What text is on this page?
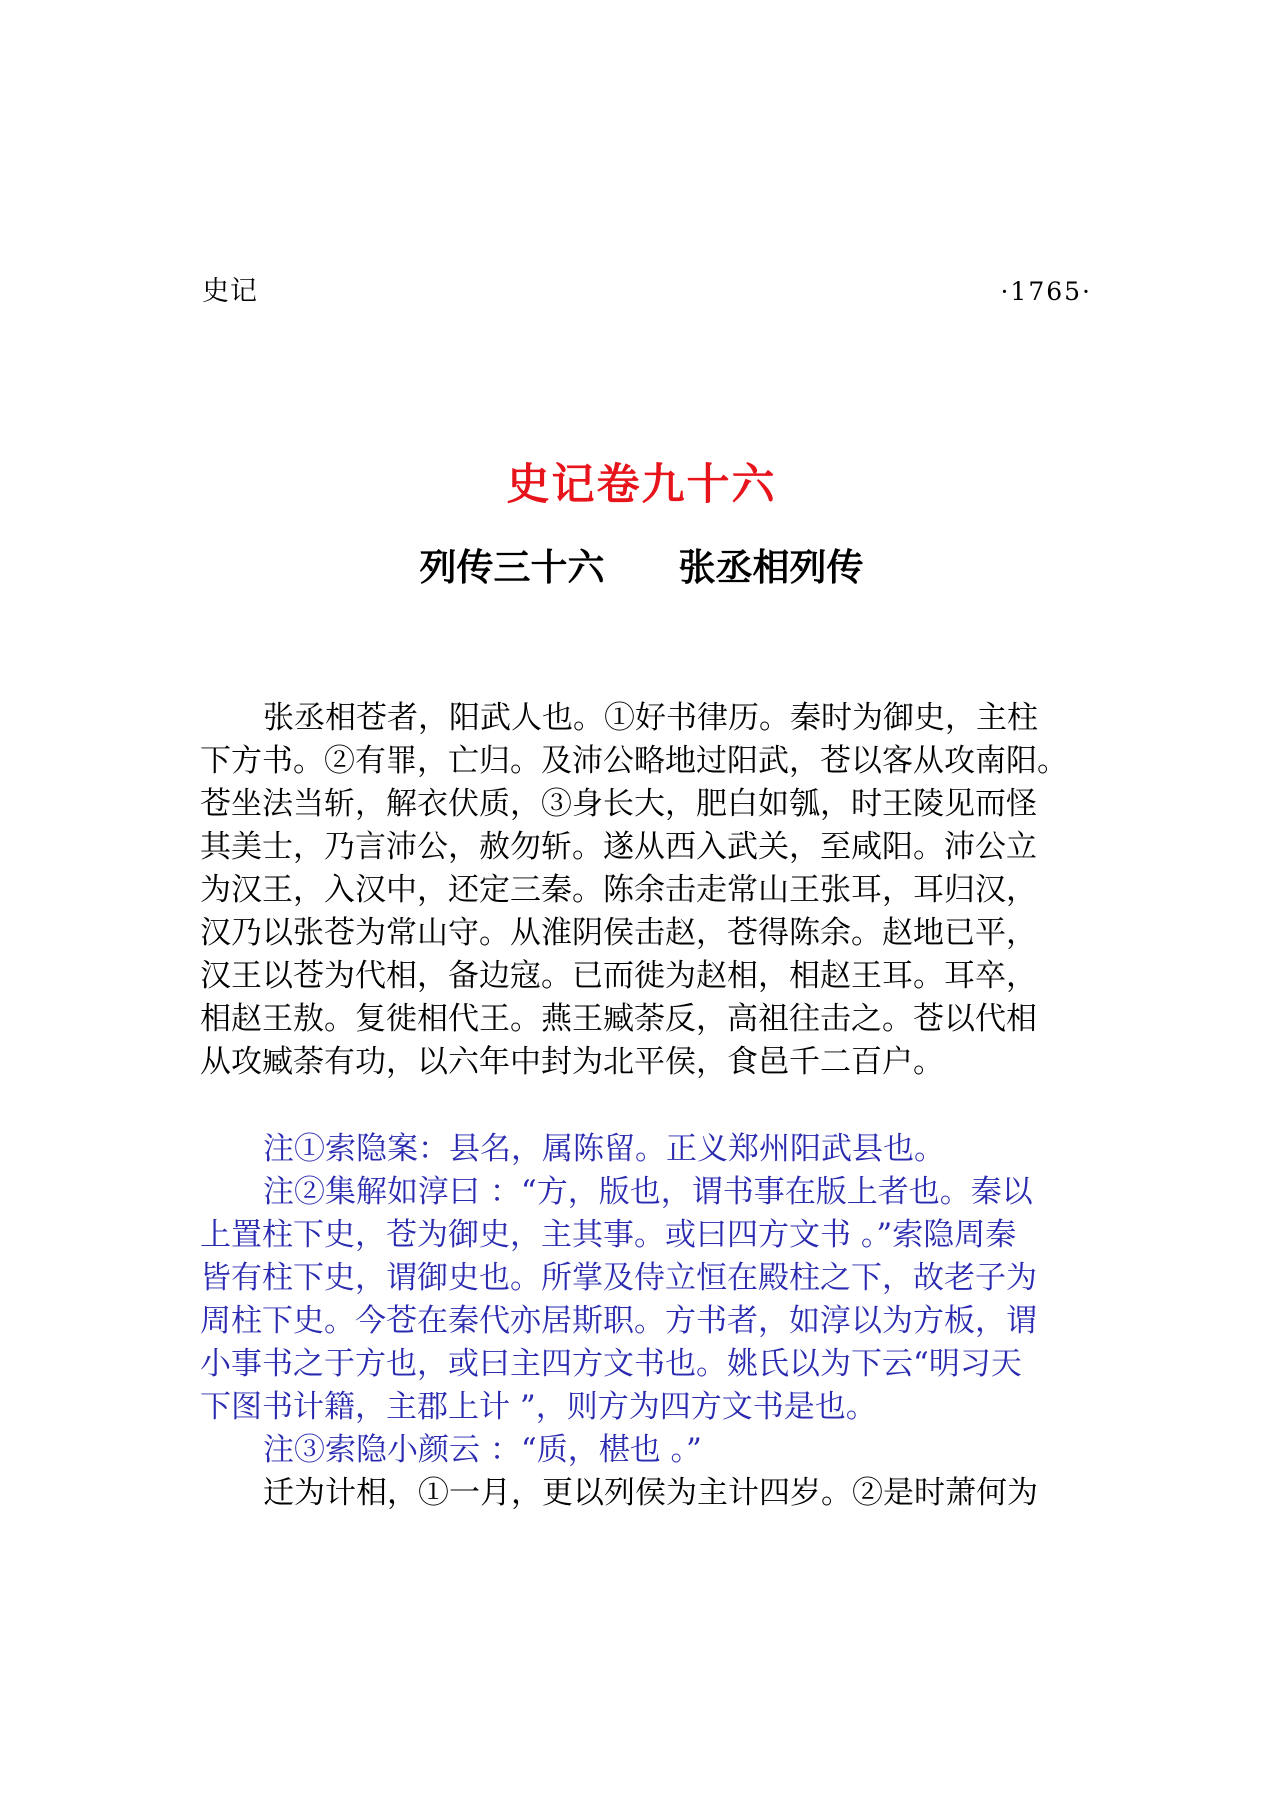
史记	·1765·
史记卷九十六
列传三十六　　张丞相列传
张丞相苍者，阳武人也。①好书律历。秦时为御史，主柱
下方书。②有罪，亡归。及沛公略地过阳武，苍以客从攻南阳。
苍坐法当斩，解衣伏质，③身长大，肥白如瓠，时王陵见而怪
其美士，乃言沛公，赦勿斩。遂从西入武关，至咸阳。沛公立
为汉王，入汉中，还定三秦。陈余击走常山王张耳，耳归汉，
汉乃以张苍为常山守。从淮阴侯击赵，苍得陈余。赵地已平，
汉王以苍为代相，备边寇。已而徙为赵相，相赵王耳。耳卒，
相赵王敖。复徙相代王。燕王臧荼反，高祖往击之。苍以代相
从攻臧荼有功，以六年中封为北平侯，食邑千二百户。
注①索隐案：县名，属陈留。正义郑州阳武县也。
注②集解如淳曰 ：“方，版也，谓书事在版上者也。秦以
上置柱下史，苍为御史，主其事。或曰四方文书 。”索隐周秦
皆有柱下史，谓御史也。所掌及侍立恒在殿柱之下，故老子为
周柱下史。今苍在秦代亦居斯职。方书者，如淳以为方板，谓
小事书之于方也，或曰主四方文书也。姚氏以为下云“明习天
下图书计籍，主郡上计 ”，则方为四方文书是也。
注③索隐小颜云 ：“质，椹也 。”
迁为计相，①一月，更以列侯为主计四岁。②是时萧何为
